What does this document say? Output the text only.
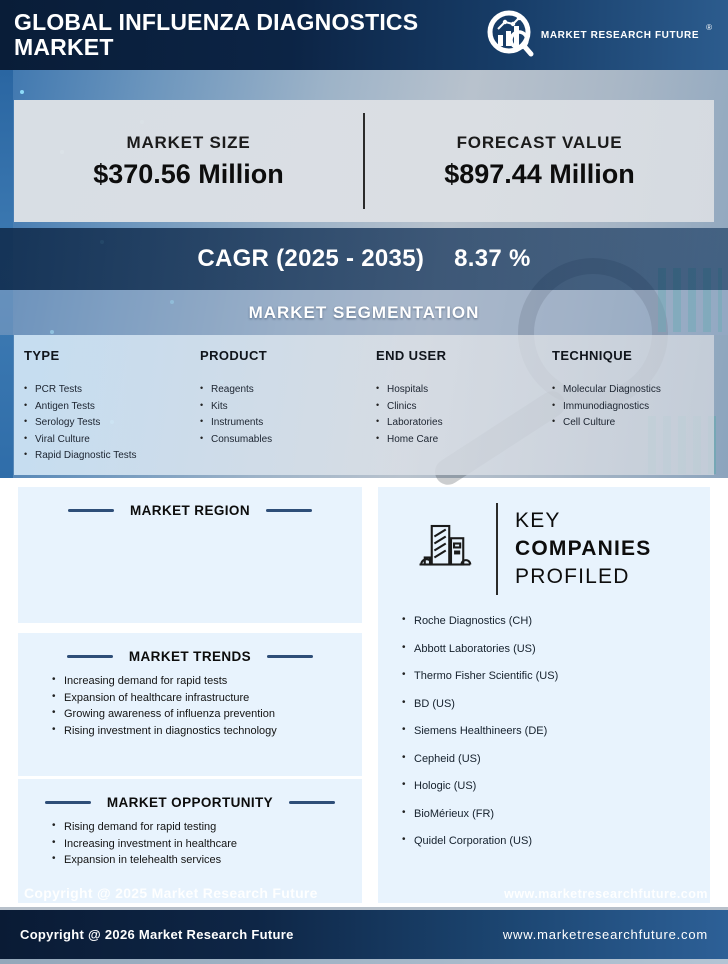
GLOBAL INFLUENZA DIAGNOSTICS
MARKET	MARKET RESEARCH FUTURE
®
MARKET SIZE
$370.56 Million
FORECAST VALUE
$897.44 Million
CAGR (2025 - 2035) 8.37 %
MARKET SEGMENTATION
TYPE
• PCR Tests
• Antigen Tests
• Serology Tests
• Viral Culture
• Rapid Diagnostic Tests
PRODUCT
• Reagents
• Kits
• Instruments
• Consumables
END USER
• Hospitals
• Clinics
• Laboratories
• Home Care
TECHNIQUE
• Molecular Diagnostics
• Immunodiagnostics
• Cell Culture
MARKET REGION
MARKET TRENDS
• Increasing demand for rapid tests
• Expansion of healthcare infrastructure
• Growing awareness of influenza prevention
• Rising investment in diagnostics technology
MARKET OPPORTUNITY
• Rising demand for rapid testing
• Increasing investment in healthcare
• Expansion in telehealth services
KEY
COMPANIES
PROFILED
• Roche Diagnostics (CH)
• Abbott Laboratories (US)
• Thermo Fisher Scientific (US)
• BD (US)
• Siemens Healthineers (DE)
• Cepheid (US)
• Hologic (US)
• BioMérieux (FR)
• Quidel Corporation (US)
Copyright @ 2025 Market Research Future	www.marketresearchfuture.com
Copyright @ 2026 Market Research Future	www.marketresearchfuture.com
